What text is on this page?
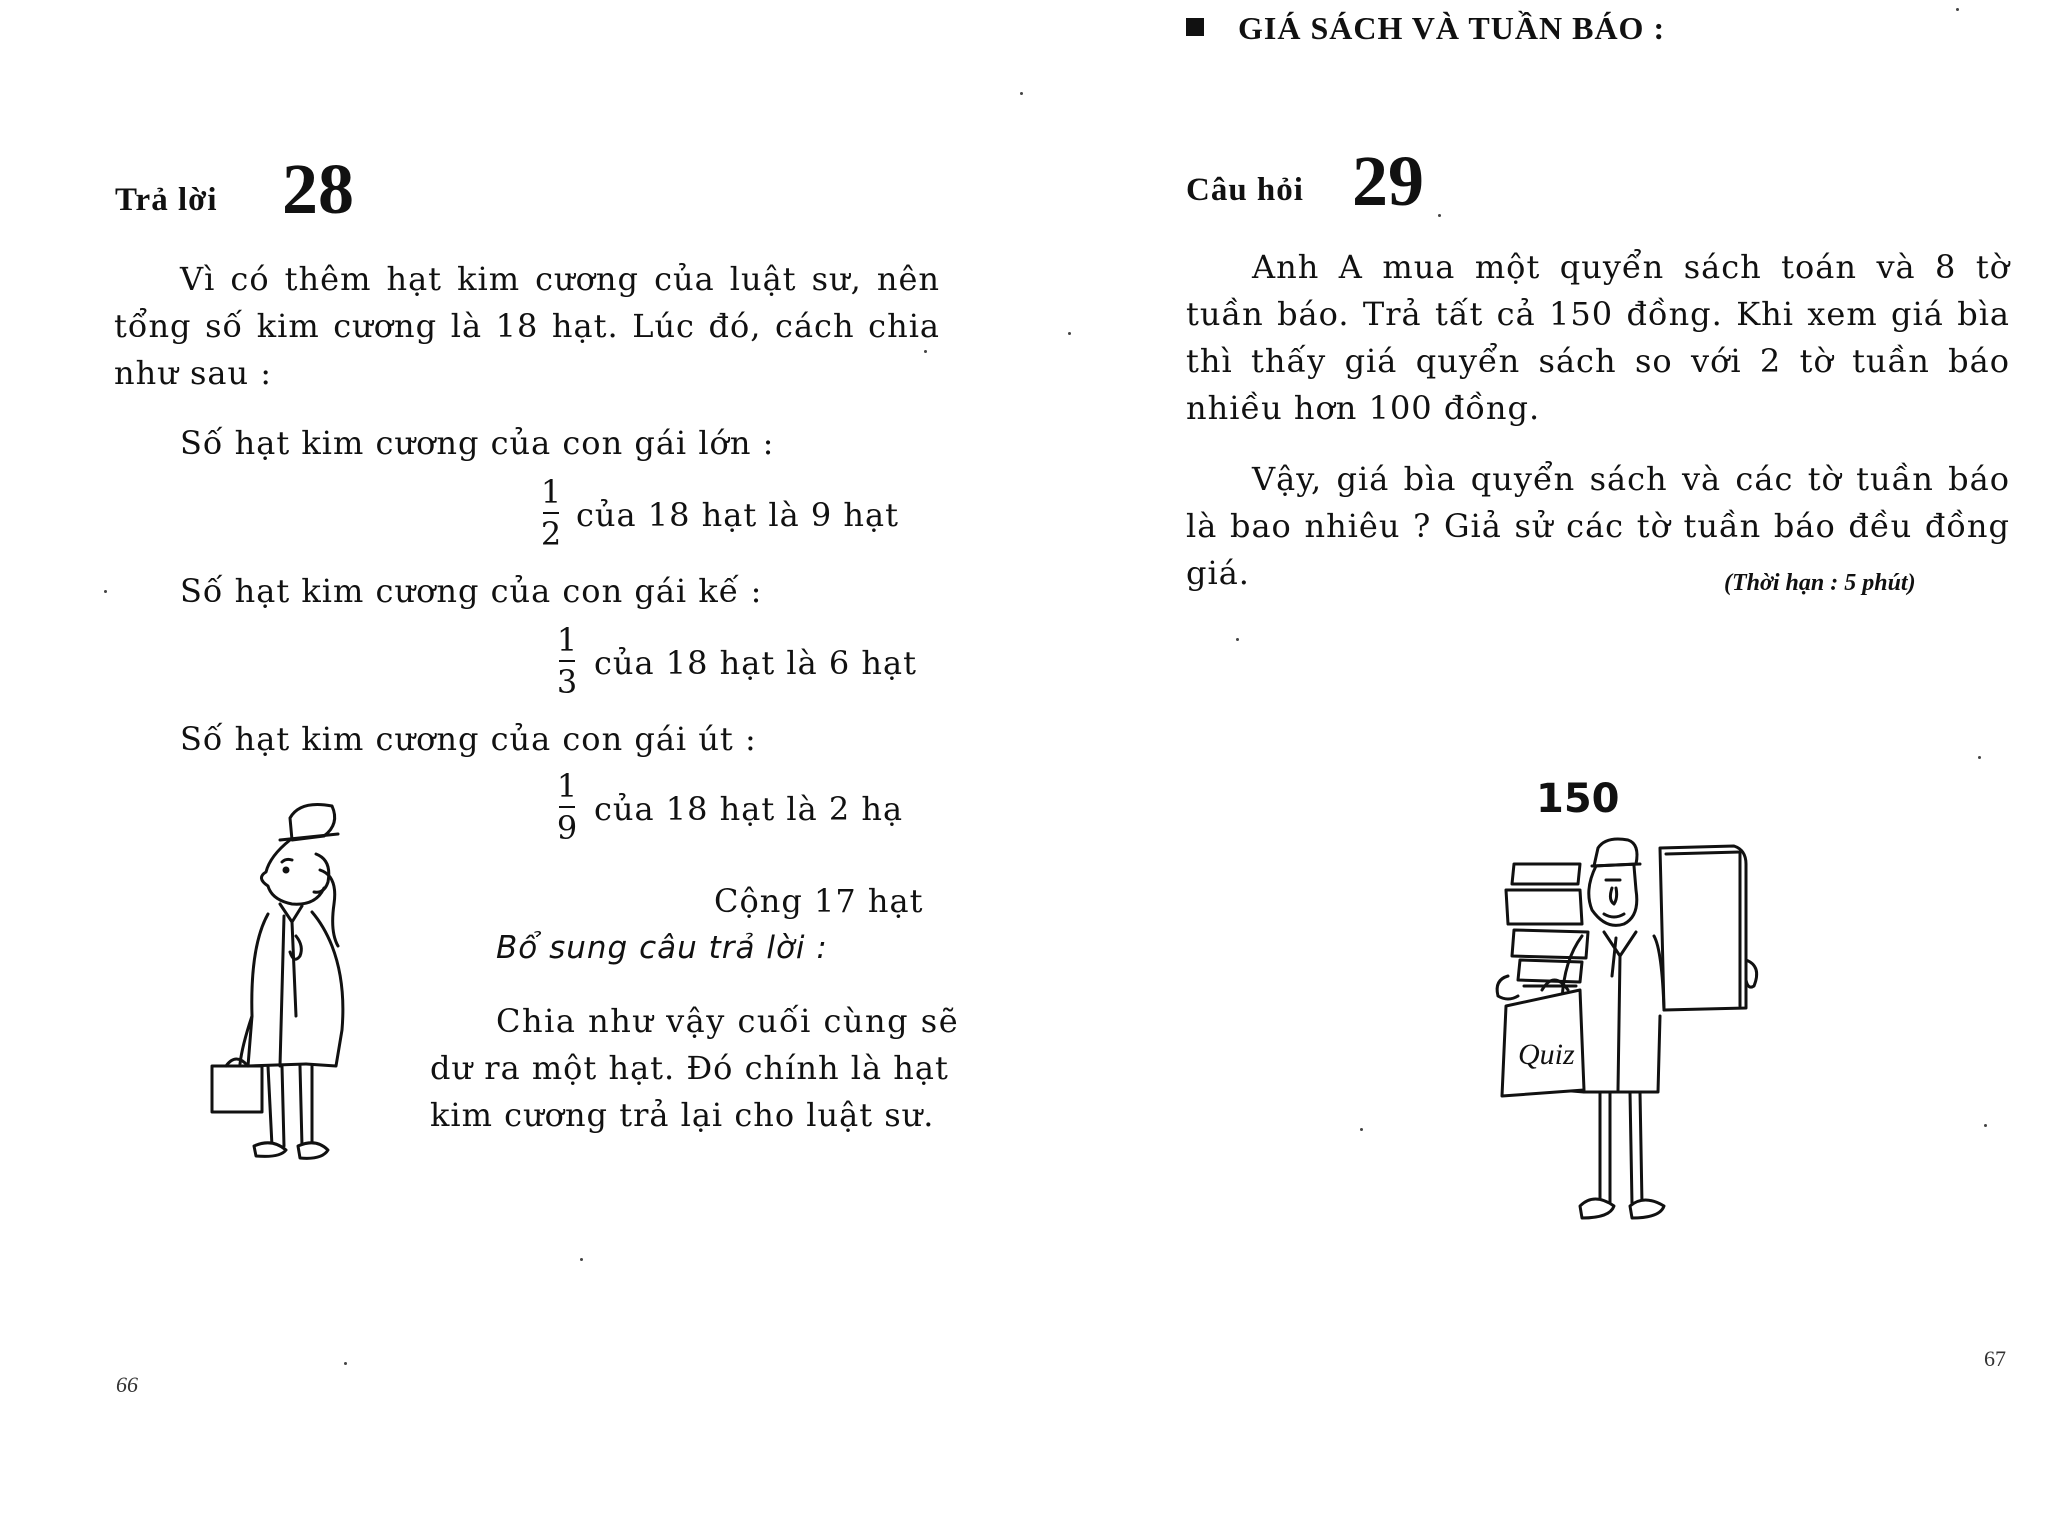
Trả lời 28
Vì có thêm hạt kim cương của luật sư, nên tổng số kim cương là 18 hạt. Lúc đó, cách chia như sau :
Số hạt kim cương của con gái lớn :
1
2 của 18 hạt là 9 hạt
Số hạt kim cương của con gái kế :
1
3 của 18 hạt là 6 hạt
Số hạt kim cương của con gái út :
1
9 của 18 hạt là 2 hạ
Cộng 17 hạt
Bổ sung câu trả lời :
Chia như vậy cuối cùng sẽ
dư ra một hạt. Đó chính là hạt
kim cương trả lại cho luật sư.
66
GIÁ SÁCH VÀ TUẦN BÁO :
Câu hỏi 29
Anh A mua một quyển sách toán và 8 tờ tuần báo. Trả tất cả 150 đồng. Khi xem giá bìa thì thấy giá quyển sách so với 2 tờ tuần báo nhiều hơn 100 đồng.
Vậy, giá bìa quyển sách và các tờ tuần báo là bao nhiêu ? Giả sử các tờ tuần báo đều đồng giá.	(Thời hạn : 5 phút)
150
Quiz
67
